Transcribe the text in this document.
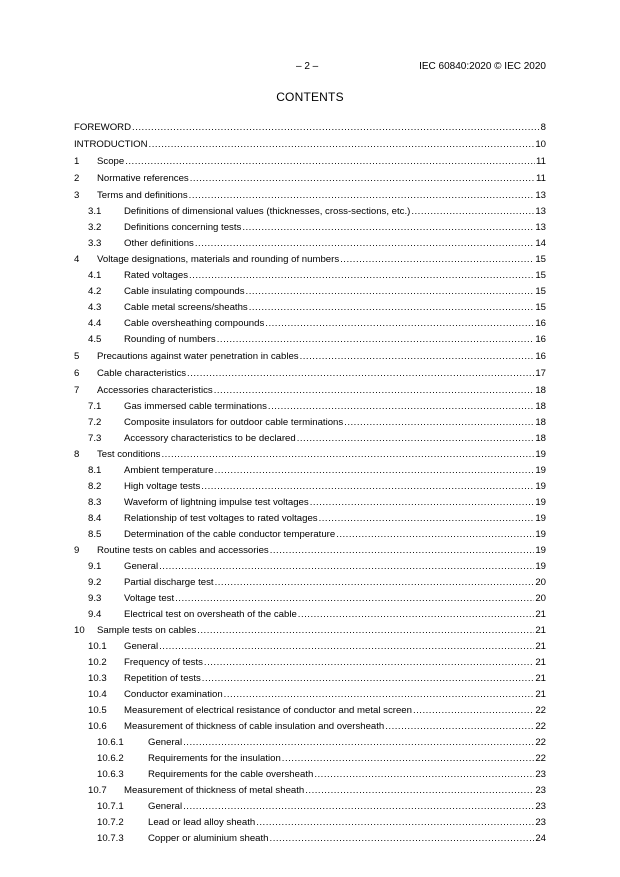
– 2 –	IEC 60840:2020 © IEC 2020
CONTENTS
FOREWORD .....	8
INTRODUCTION .....	10
1	Scope .....	11
2	Normative references .....	11
3	Terms and definitions .....	13
3.1	Definitions of dimensional values (thicknesses, cross-sections, etc.) .....	13
3.2	Definitions concerning tests .....	13
3.3	Other definitions .....	14
4	Voltage designations, materials and rounding of numbers .....	15
4.1	Rated voltages .....	15
4.2	Cable insulating compounds .....	15
4.3	Cable metal screens/sheaths .....	15
4.4	Cable oversheathing compounds .....	16
4.5	Rounding of numbers .....	16
5	Precautions against water penetration in cables .....	16
6	Cable characteristics .....	17
7	Accessories characteristics .....	18
7.1	Gas immersed cable terminations .....	18
7.2	Composite insulators for outdoor cable terminations .....	18
7.3	Accessory characteristics to be declared .....	18
8	Test conditions .....	19
8.1	Ambient temperature .....	19
8.2	High voltage tests .....	19
8.3	Waveform of lightning impulse test voltages .....	19
8.4	Relationship of test voltages to rated voltages .....	19
8.5	Determination of the cable conductor temperature .....	19
9	Routine tests on cables and accessories .....	19
9.1	General .....	19
9.2	Partial discharge test .....	20
9.3	Voltage test .....	20
9.4	Electrical test on oversheath of the cable .....	21
10	Sample tests on cables .....	21
10.1	General .....	21
10.2	Frequency of tests .....	21
10.3	Repetition of tests .....	21
10.4	Conductor examination .....	21
10.5	Measurement of electrical resistance of conductor and metal screen .....	22
10.6	Measurement of thickness of cable insulation and oversheath .....	22
10.6.1	General .....	22
10.6.2	Requirements for the insulation .....	22
10.6.3	Requirements for the cable oversheath .....	23
10.7	Measurement of thickness of metal sheath .....	23
10.7.1	General .....	23
10.7.2	Lead or lead alloy sheath .....	23
10.7.3	Copper or aluminium sheath .....	24
